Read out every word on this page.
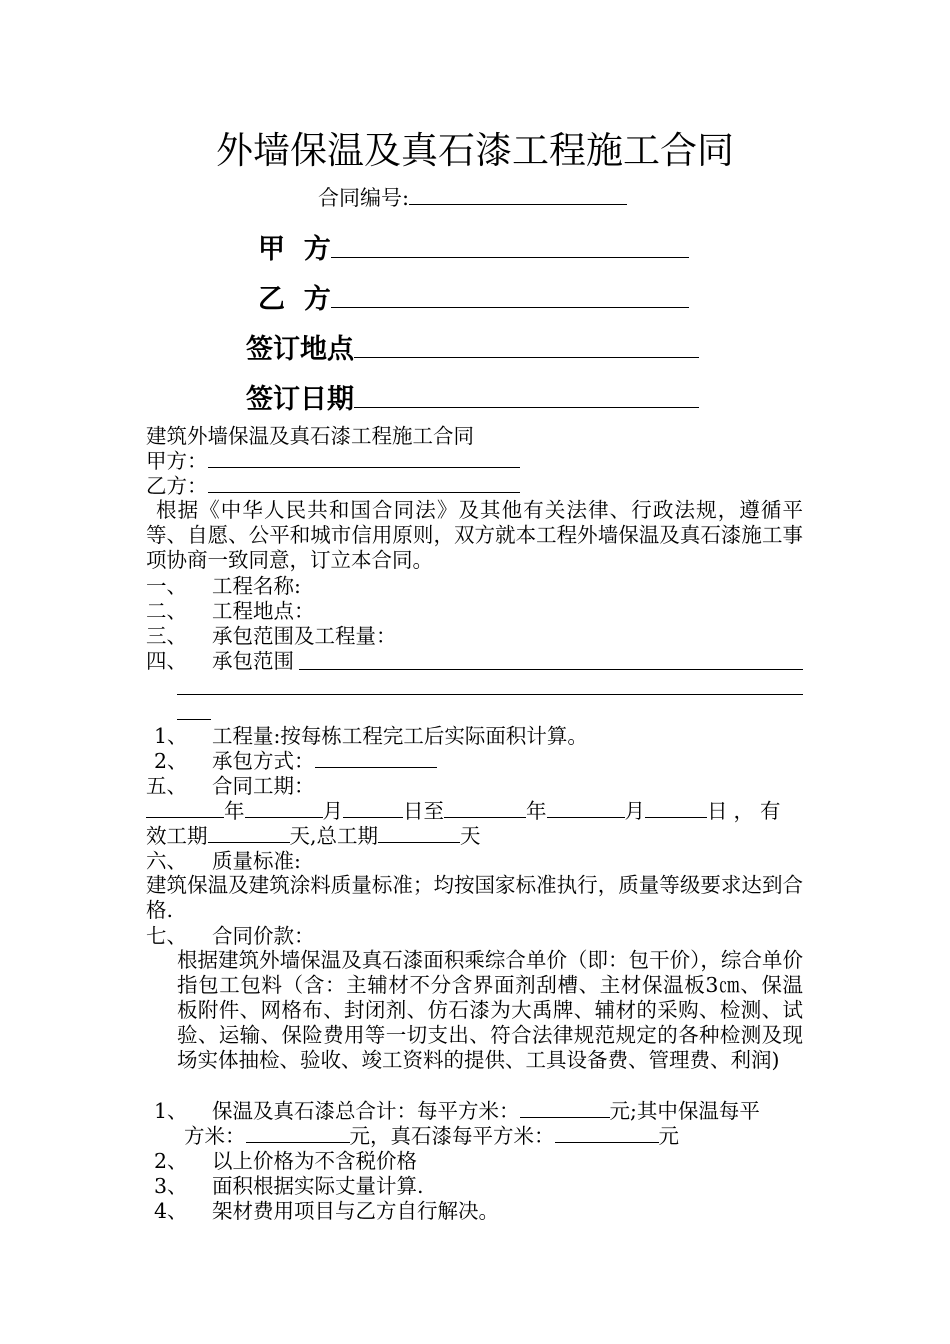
外墙保温及真石漆工程施工合同
合同编号:
甲  方
乙  方
签订地点
签订日期
建筑外墙保温及真石漆工程施工合同
甲方：
乙方：
根据《中华人民共和国合同法》及其他有关法律、行政法规，遵循平等、自愿、公平和城市信用原则，双方就本工程外墙保温及真石漆施工事项协商一致同意，订立本合同。
一、 工程名称:
二、 工程地点：
三、 承包范围及工程量：
四、 承包范围
1、 工程量:按每栋工程完工后实际面积计算。
2、 承包方式：
五、 合同工期：
年	月	日至	年	月	日，有
效工期	天,总工期	天
六、 质量标准:
建筑保温及建筑涂料质量标准；均按国家标准执行，质量等级要求达到合格.
七、 合同价款：
根据建筑外墙保温及真石漆面积乘综合单价（即：包干价），综合单价指包工包料（含：主辅材不分含界面剂刮槽、主材保温板3㎝、保温板附件、网格布、封闭剂、仿石漆为大禹牌、辅材的采购、检测、试验、运输、保险费用等一切支出、符合法律规范规定的各种检测及现场实体抽检、验收、竣工资料的提供、工具设备费、管理费、利润)
1、 保温及真石漆总合计：每平方米：	元;其中保温每平
方米：	元，真石漆每平方米：	元
2、 以上价格为不含税价格
3、 面积根据实际丈量计算.
4、 架材费用项目与乙方自行解决。
